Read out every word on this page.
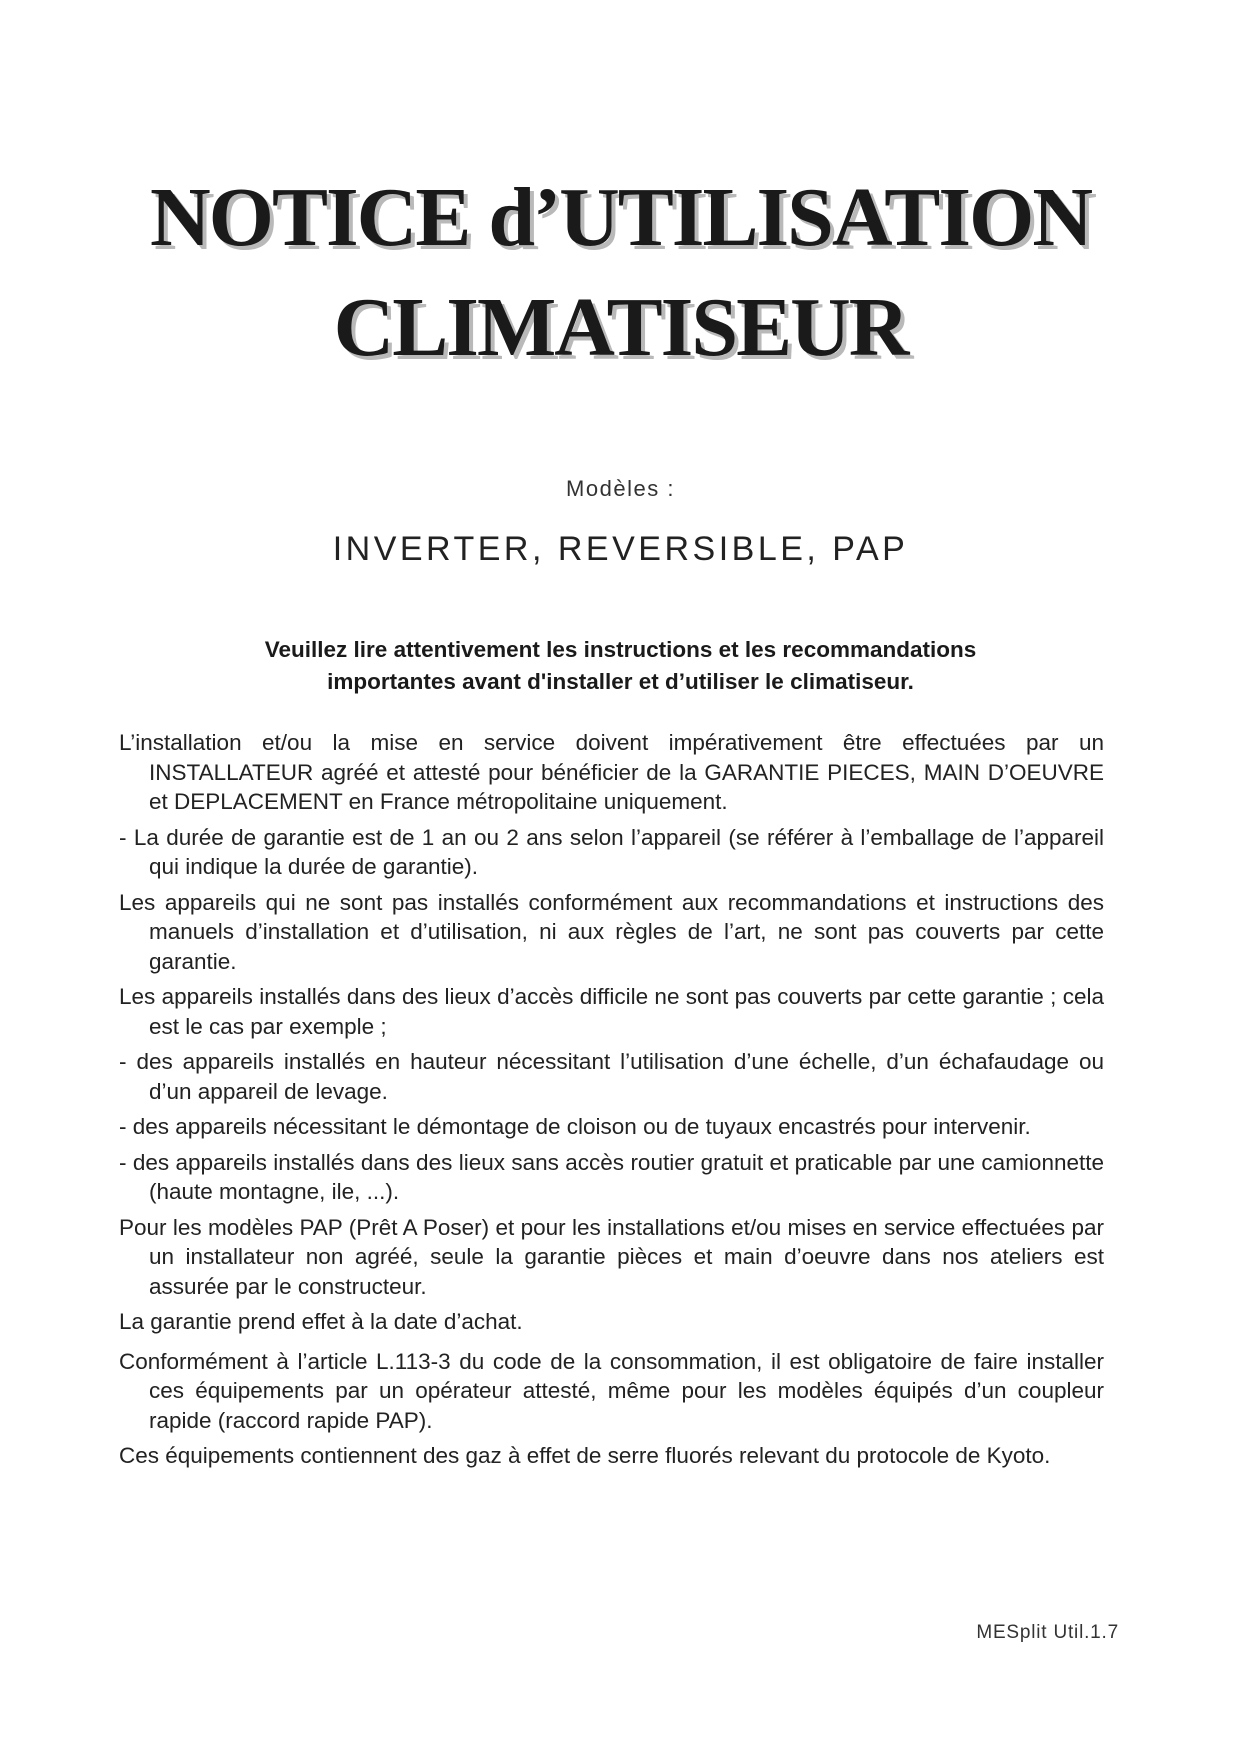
NOTICE d’UTILISATION
CLIMATISEUR
Modèles :
INVERTER, REVERSIBLE, PAP
Veuillez lire attentivement les instructions et les recommandations
importantes avant d'installer et d’utiliser le climatiseur.

L’installation et/ou la mise en service doivent impérativement être effectuées par un INSTALLATEUR agréé et attesté pour bénéficier de la GARANTIE PIECES, MAIN D’OEUVRE et DEPLACEMENT en France métropolitaine uniquement.

- La durée de garantie est de 1 an ou 2 ans selon l’appareil (se référer à l’emballage de l’appareil qui indique la durée de garantie).

Les appareils qui ne sont pas installés conformément aux recommandations et instructions des manuels d’installation et d’utilisation, ni aux règles de l’art, ne sont pas couverts par cette garantie.

Les appareils installés dans des lieux d’accès difficile ne sont pas couverts par cette garantie ; cela est le cas par exemple ;

- des appareils installés en hauteur nécessitant l’utilisation d’une échelle, d’un échafaudage ou d’un appareil de levage.

- des appareils nécessitant le démontage de cloison ou de tuyaux encastrés pour intervenir.

- des appareils installés dans des lieux sans accès routier gratuit et praticable par une camionnette (haute montagne, ile, ...).

Pour les modèles PAP (Prêt A Poser) et pour les installations et/ou mises en service effectuées par un installateur non agréé, seule la garantie pièces et main d’oeuvre dans nos ateliers est assurée par le constructeur.

La garantie prend effet à la date d’achat.

Conformément à l’article L.113-3 du code de la consommation, il est obligatoire de faire installer ces équipements par un opérateur attesté, même pour les modèles équipés d’un coupleur rapide (raccord rapide PAP).

Ces équipements contiennent des gaz à effet de serre fluorés relevant du protocole de Kyoto.

MESplit Util.1.7
